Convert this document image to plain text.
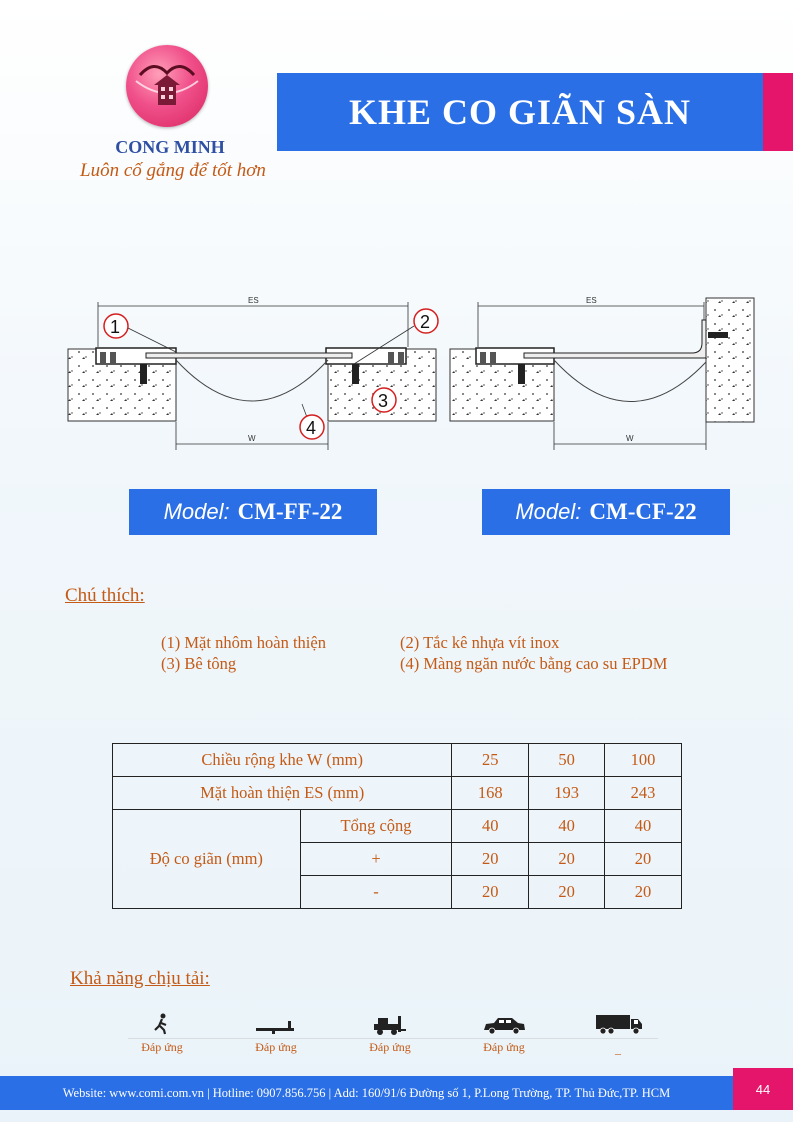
CONG MINH
Luôn cố gắng để tốt hơn
KHE CO GIÃN SÀN
ES
W
1	2
3
4
ES
W
Model: CM-FF-22	Model: CM-CF-22
Chú thích:
(1) Mặt nhôm hoàn thiện	(2) Tắc kê nhựa vít inox
(3) Bê tông	(4) Màng ngăn nước bằng cao su EPDM
Chiều rộng khe W (mm)		25	50	100
Mặt hoàn thiện ES (mm)		168	193	243
Độ co giãn (mm)	Tổng cộng	40	40	40
	+	20	20	20
	-	20	20	20
Khả năng chịu tải:
Đáp ứng	Đáp ứng	Đáp ứng	Đáp ứng	_
Website: www.comi.com.vn | Hotline: 0907.856.756 | Add: 160/91/6 Đường số 1, P.Long Trường, TP. Thủ Đức,TP. HCM	44
